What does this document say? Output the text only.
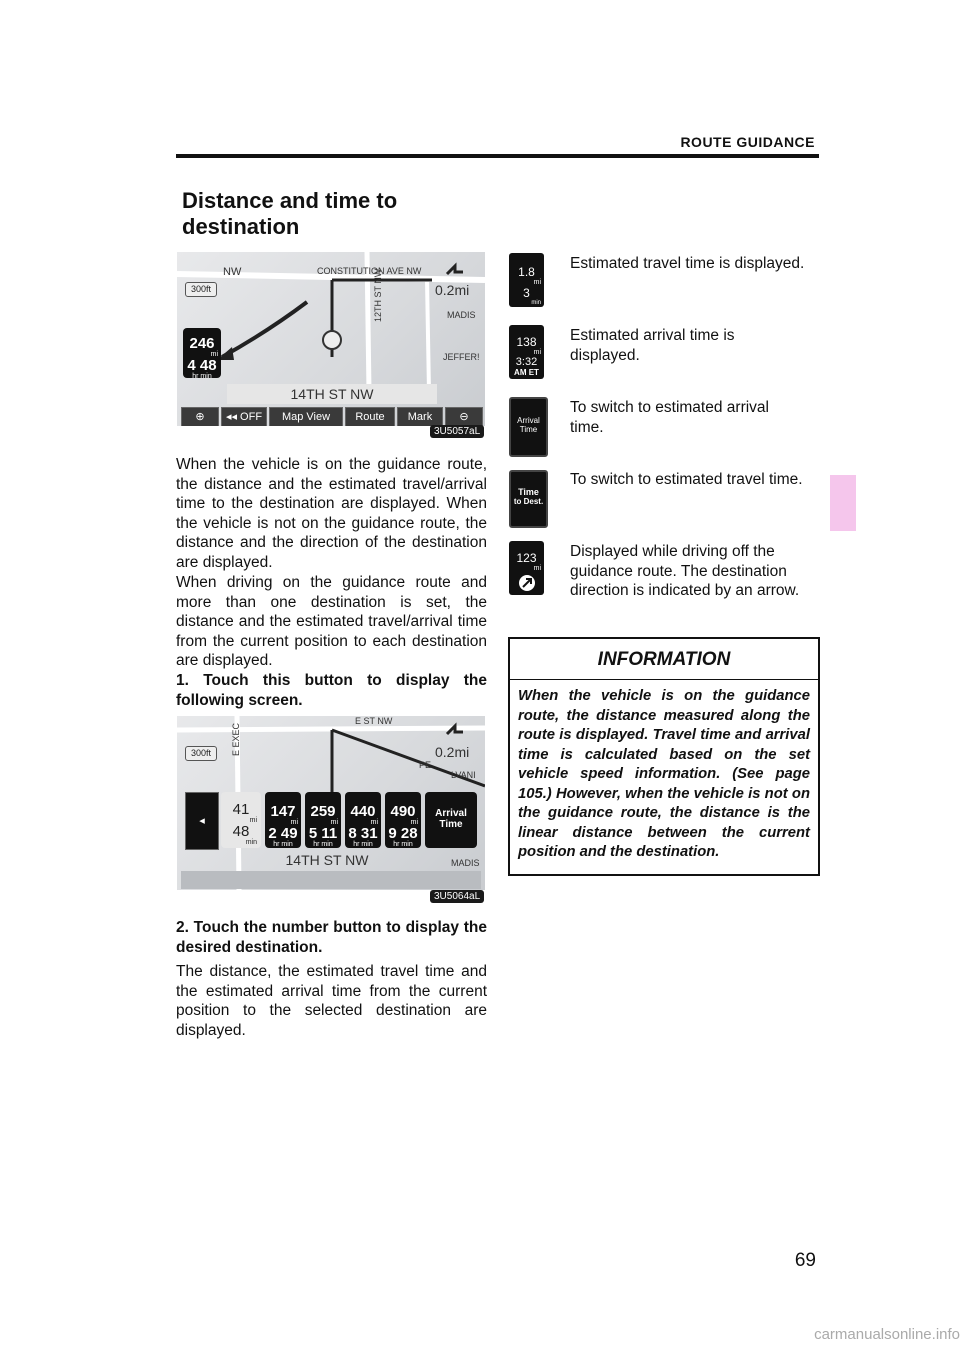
ROUTE GUIDANCE
Distance and time to destination
CONSTITUTION AVE NW
NW
300ft	0.2mi
MADIS
JEFFER!
12TH ST NW
246
mi
4 48
hr min
14TH ST NW
⊕	◂◂ OFF	Map View	Route	Mark	⊖
3U5057aL
When the vehicle is on the guidance route, the distance and the estimated travel/arrival time to the destination are displayed. When the vehicle is not on the guidance route, the distance and the direction of the destination are displayed.
When driving on the guidance route and more than one destination is set, the distance and the estimated travel/arrival time from the current position to each destination are displayed.
1. Touch this button to display the following screen.
E ST NW
E EXEC
300ft	0.2mi
PE
LVANI
◂
41
mi
48
min
147
mi
2 49
hr min
259
mi
5 11
hr min
440
mi
8 31
hr min
490
mi
9 28
hr min
Arrival
Time
14TH ST NW	MADIS
3U5064aL
2. Touch the number button to display the desired destination.
The distance, the estimated travel time and the estimated arrival time from the current position to the selected destination are displayed.
1.8
mi
3
min
Estimated travel time is displayed.
138
mi
3:32
AM ET
Estimated arrival time is displayed.
Arrival
Time
To switch to estimated arrival time.
Time
to Dest.
To switch to estimated travel time.
123
mi
Displayed while driving off the guidance route. The destination direction is indicated by an arrow.
INFORMATION
When the vehicle is on the guidance route, the distance measured along the route is displayed. Travel time and arrival time is calculated based on the set vehicle speed information. (See page 105.) However, when the vehicle is not on the guidance route, the distance is the linear distance between the current position and the destination.
69
carmanualsonline.info
